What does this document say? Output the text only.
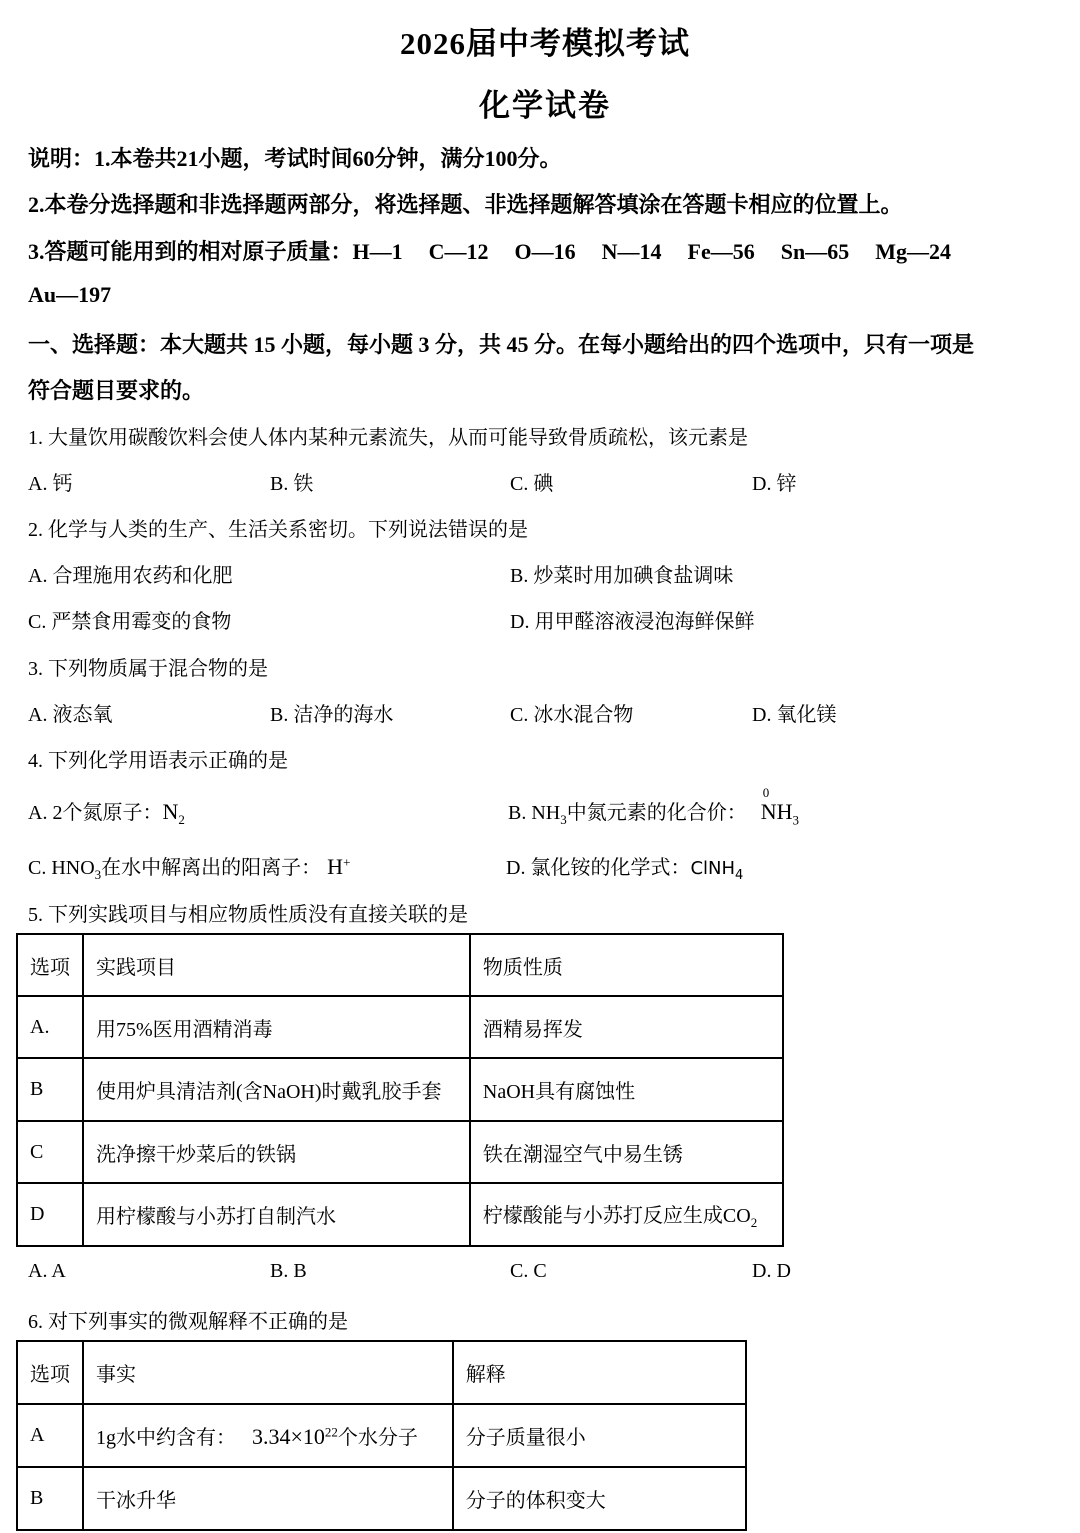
2026届中考模拟考试
化学试卷
说明：1.本卷共21小题，考试时间60分钟，满分100分。
2.本卷分选择题和非选择题两部分，将选择题、非选择题解答填涂在答题卡相应的位置上。
3.答题可能用到的相对原子质量：H—1 C—12 O—16 N—14 Fe—56 Sn—65 Mg—24
Au—197
一、选择题：本大题共 15 小题，每小题 3 分，共 45 分。在每小题给出的四个选项中，只有一项是
符合题目要求的。
1. 大量饮用碳酸饮料会使人体内某种元素流失，从而可能导致骨质疏松，该元素是
A. 钙	B. 铁	C. 碘	D. 锌
2. 化学与人类的生产、生活关系密切。下列说法错误的是
A. 合理施用农药和化肥	B. 炒菜时用加碘食盐调味
C. 严禁食用霉变的食物	D. 用甲醛溶液浸泡海鲜保鲜
3. 下列物质属于混合物的是
A. 液态氧	B. 洁净的海水	C. 冰水混合物	D. 氧化镁
4. 下列化学用语表示正确的是
A. 2个氮原子：$N_2$	B. $NH_3$中氮元素的化合价：
0
$NH_3$
C. $HNO_3$在水中解离出的阳离子： H+	D. 氯化铵的化学式：ClNH$_4$
5. 下列实践项目与相应物质性质没有直接关联的是
选项	实践项目	物质性质
A.	用75%医用酒精消毒	酒精易挥发
B	使用炉具清洁剂(含NaOH)时戴乳胶手套	NaOH具有腐蚀性
C	洗净擦干炒菜后的铁锅	铁在潮湿空气中易生锈
D	用柠檬酸与小苏打自制汽水	柠檬酸能与小苏打反应生成$CO_2$
A. A	B. B	C. C	D. D
6. 对下列事实的微观解释不正确的是
选项	事实	解释
A	1g水中约含有： $3.34\times 10^{22}$个水分子	分子质量很小
B	干冰升华	分子的体积变大
